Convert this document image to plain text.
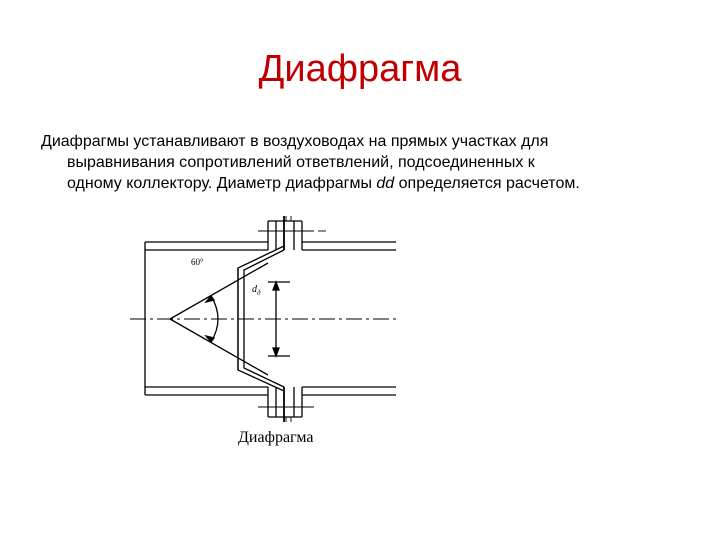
Диафрагма

Диафрагмы устанавливают в воздуховодах на прямых участках для
выравнивания сопротивлений ответвлений, подсоединенных к
одному коллектору. Диаметр диафрагмы dd определяется расчетом.

60°
$d_д$
Диафрагма
